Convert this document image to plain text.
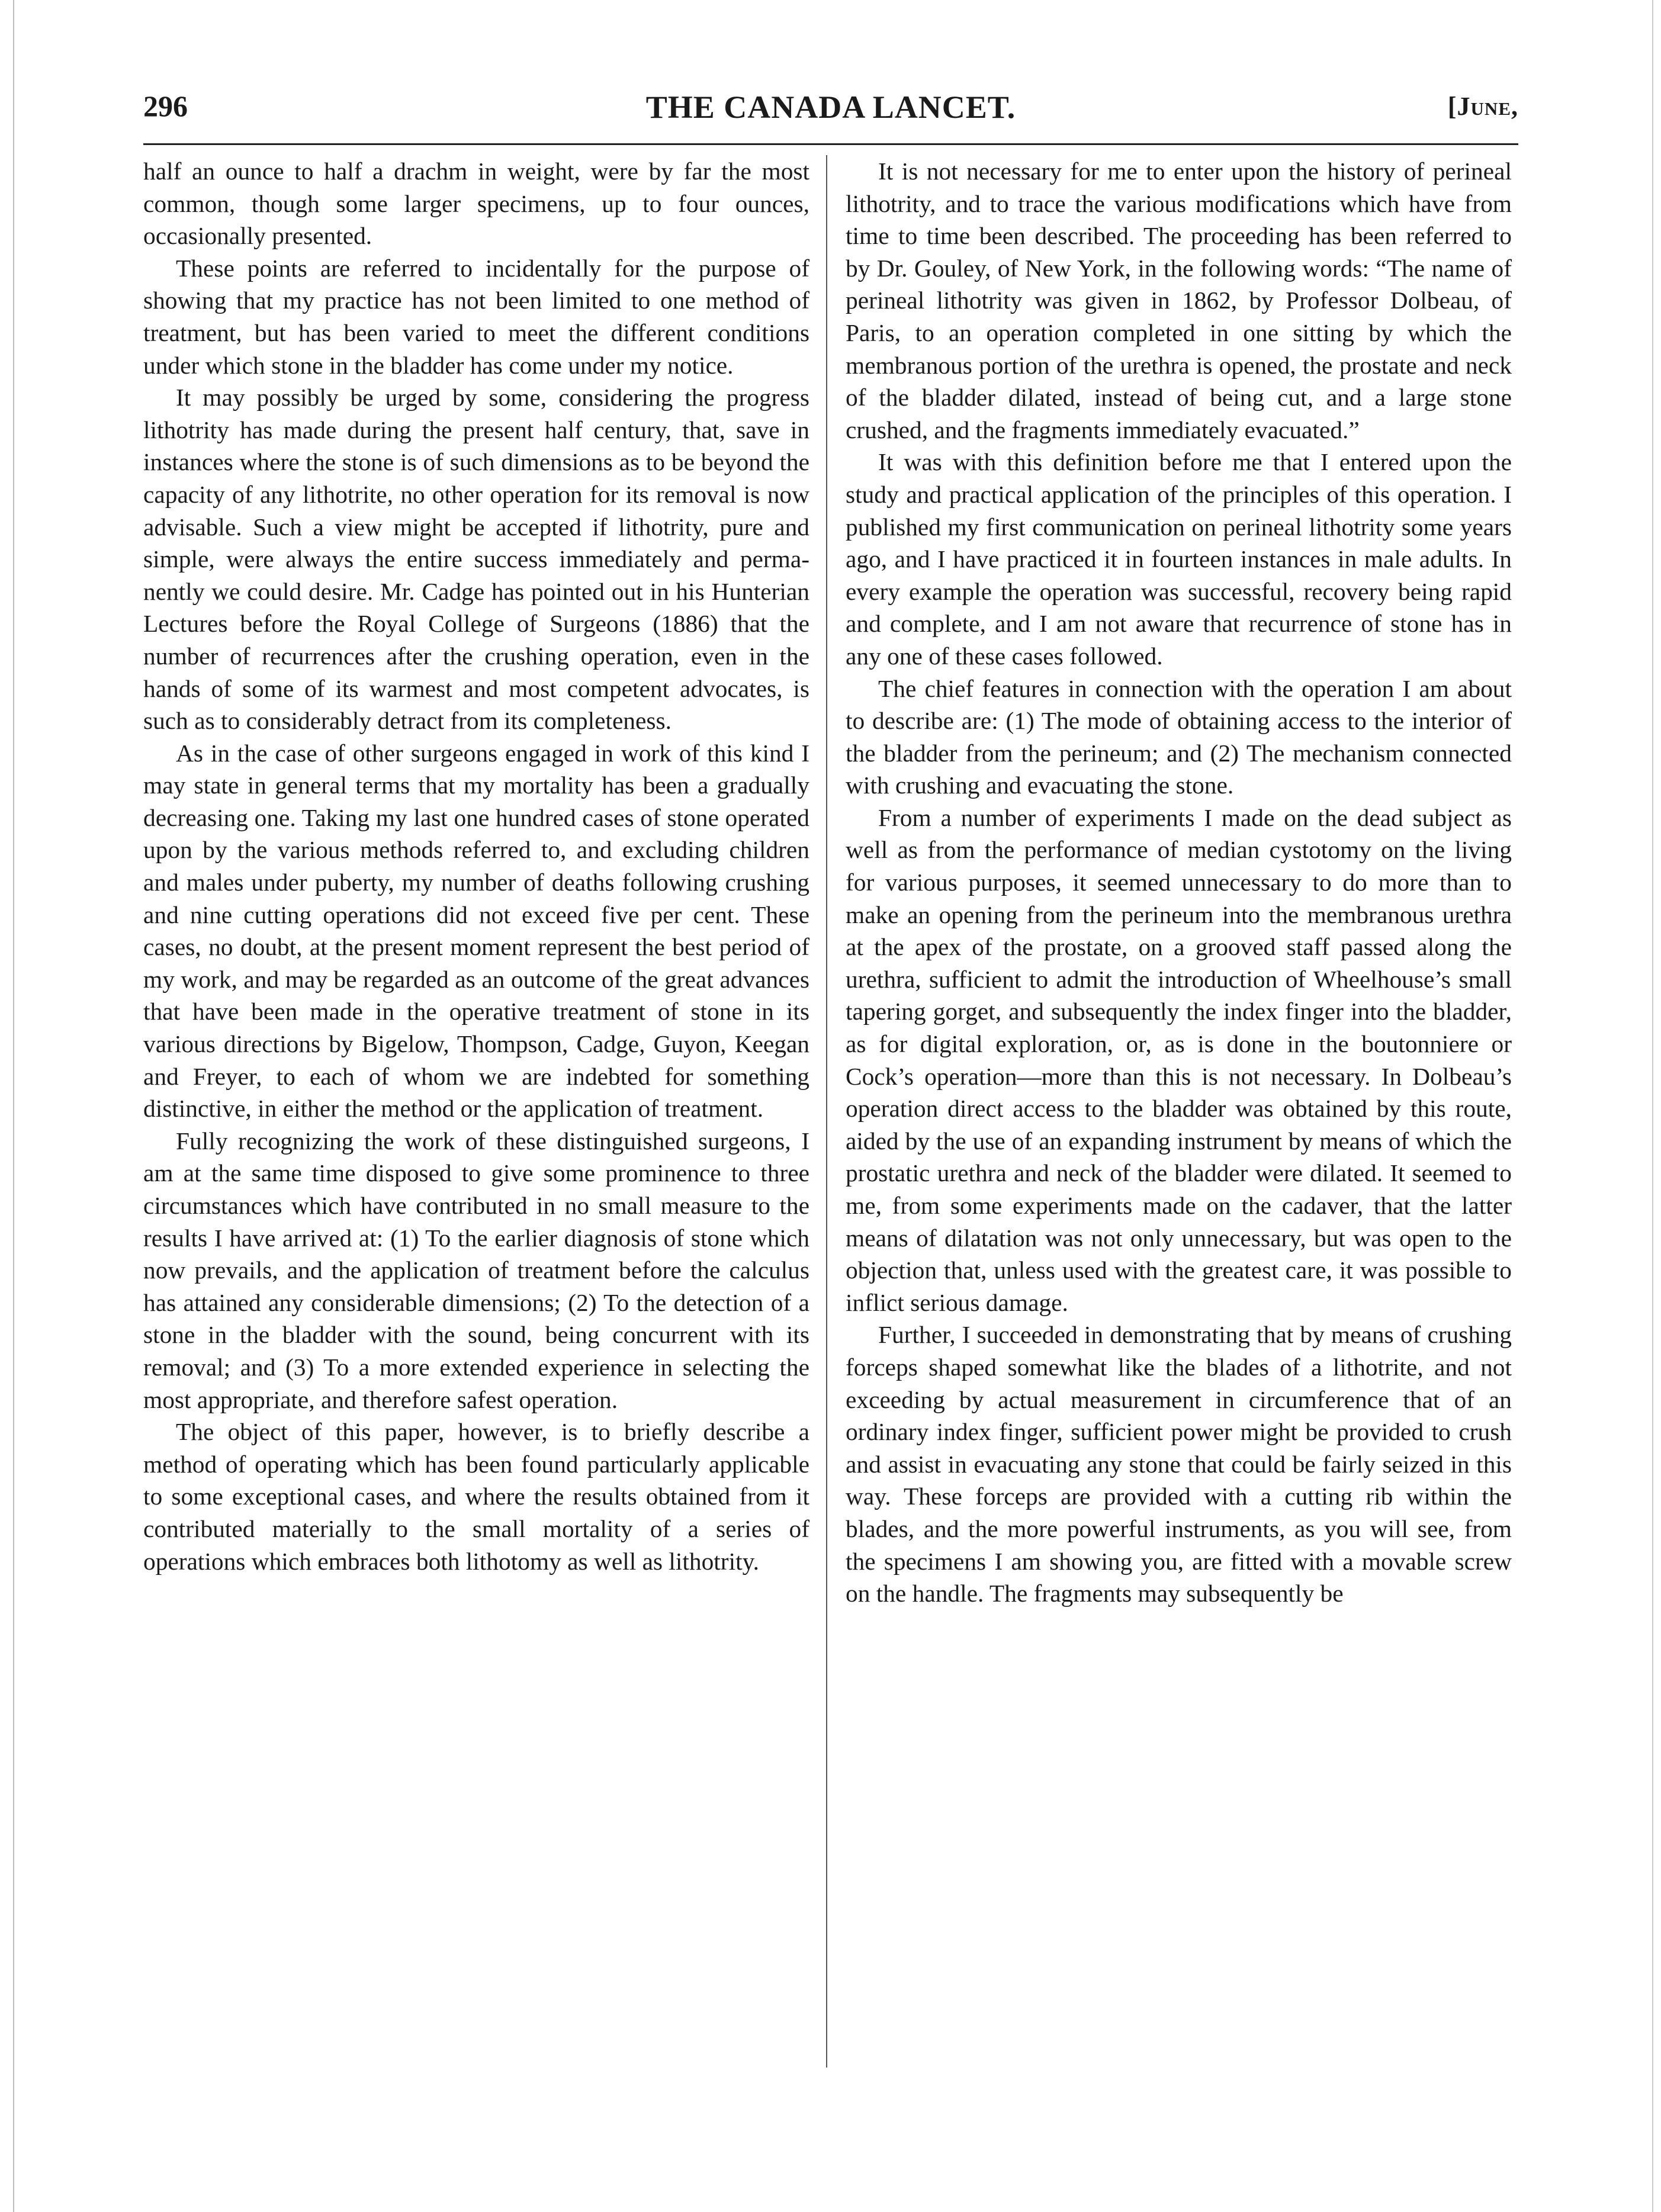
296	THE CANADA LANCET.	[June,

half an ounce to half a drachm in weight, were by far the most common, though some larger specimens, up to four ounces, occasionally presented.

These points are referred to incidentally for the purpose of showing that my practice has not been limited to one method of treatment, but has been varied to meet the different conditions under which stone in the bladder has come under my notice.

It may possibly be urged by some, considering the progress lithotrity has made during the present half century, that, save in instances where the stone is of such dimensions as to be beyond the capacity of any lithotrite, no other operation for its removal is now advisable. Such a view might be accepted if lithotrity, pure and simple, were always the entire success immediately and permanently we could desire. Mr. Cadge has pointed out in his Hunterian Lectures before the Royal College of Surgeons (1886) that the number of recurrences after the crushing operation, even in the hands of some of its warmest and most competent advocates, is such as to considerably detract from its completeness.

As in the case of other surgeons engaged in work of this kind I may state in general terms that my mortality has been a gradually decreasing one. Taking my last one hundred cases of stone operated upon by the various methods referred to, and excluding children and males under puberty, my number of deaths following crushing and nine cutting operations did not exceed five per cent. These cases, no doubt, at the present moment represent the best period of my work, and may be regarded as an outcome of the great advances that have been made in the operative treatment of stone in its various directions by Bigelow, Thompson, Cadge, Guyon, Keegan and Freyer, to each of whom we are indebted for something distinctive, in either the method or the application of treatment.

Fully recognizing the work of these distinguished surgeons, I am at the same time disposed to give some prominence to three circumstances which have contributed in no small measure to the results I have arrived at: (1) To the earlier diagnosis of stone which now prevails, and the application of treatment before the calculus has attained any considerable dimensions; (2) To the detection of a stone in the bladder with the sound, being concurrent with its removal; and (3) To a more extended experience in selecting the most appropriate, and therefore safest operation.

The object of this paper, however, is to briefly describe a method of operating which has been found particularly applicable to some exceptional cases, and where the results obtained from it contributed materially to the small mortality of a series of operations which embraces both lithotomy as well as lithotrity.

It is not necessary for me to enter upon the history of perineal lithotrity, and to trace the various modifications which have from time to time been described. The proceeding has been referred to by Dr. Gouley, of New York, in the following words: “The name of perineal lithotrity was given in 1862, by Professor Dolbeau, of Paris, to an operation completed in one sitting by which the membranous portion of the urethra is opened, the prostate and neck of the bladder dilated, instead of being cut, and a large stone crushed, and the fragments immediately evacuated.”

It was with this definition before me that I entered upon the study and practical application of the principles of this operation. I published my first communication on perineal lithotrity some years ago, and I have practiced it in fourteen instances in male adults. In every example the operation was successful, recovery being rapid and complete, and I am not aware that recurrence of stone has in any one of these cases followed.

The chief features in connection with the operation I am about to describe are: (1) The mode of obtaining access to the interior of the bladder from the perineum; and (2) The mechanism connected with crushing and evacuating the stone.

From a number of experiments I made on the dead subject as well as from the performance of median cystotomy on the living for various purposes, it seemed unnecessary to do more than to make an opening from the perineum into the membranous urethra at the apex of the prostate, on a grooved staff passed along the urethra, sufficient to admit the introduction of Wheelhouse’s small tapering gorget, and subsequently the index finger into the bladder, as for digital exploration, or, as is done in the boutonniere or Cock’s operation—more than this is not necessary. In Dolbeau’s operation direct access to the bladder was obtained by this route, aided by the use of an expanding instrument by means of which the prostatic urethra and neck of the bladder were dilated. It seemed to me, from some experiments made on the cadaver, that the latter means of dilatation was not only unnecessary, but was open to the objection that, unless used with the greatest care, it was possible to inflict serious damage.

Further, I succeeded in demonstrating that by means of crushing forceps shaped somewhat like the blades of a lithotrite, and not exceeding by actual measurement in circumference that of an ordinary index finger, sufficient power might be provided to crush and assist in evacuating any stone that could be fairly seized in this way. These forceps are provided with a cutting rib within the blades, and the more powerful instruments, as you will see, from the specimens I am showing you, are fitted with a movable screw on the handle. The fragments may subsequently be
